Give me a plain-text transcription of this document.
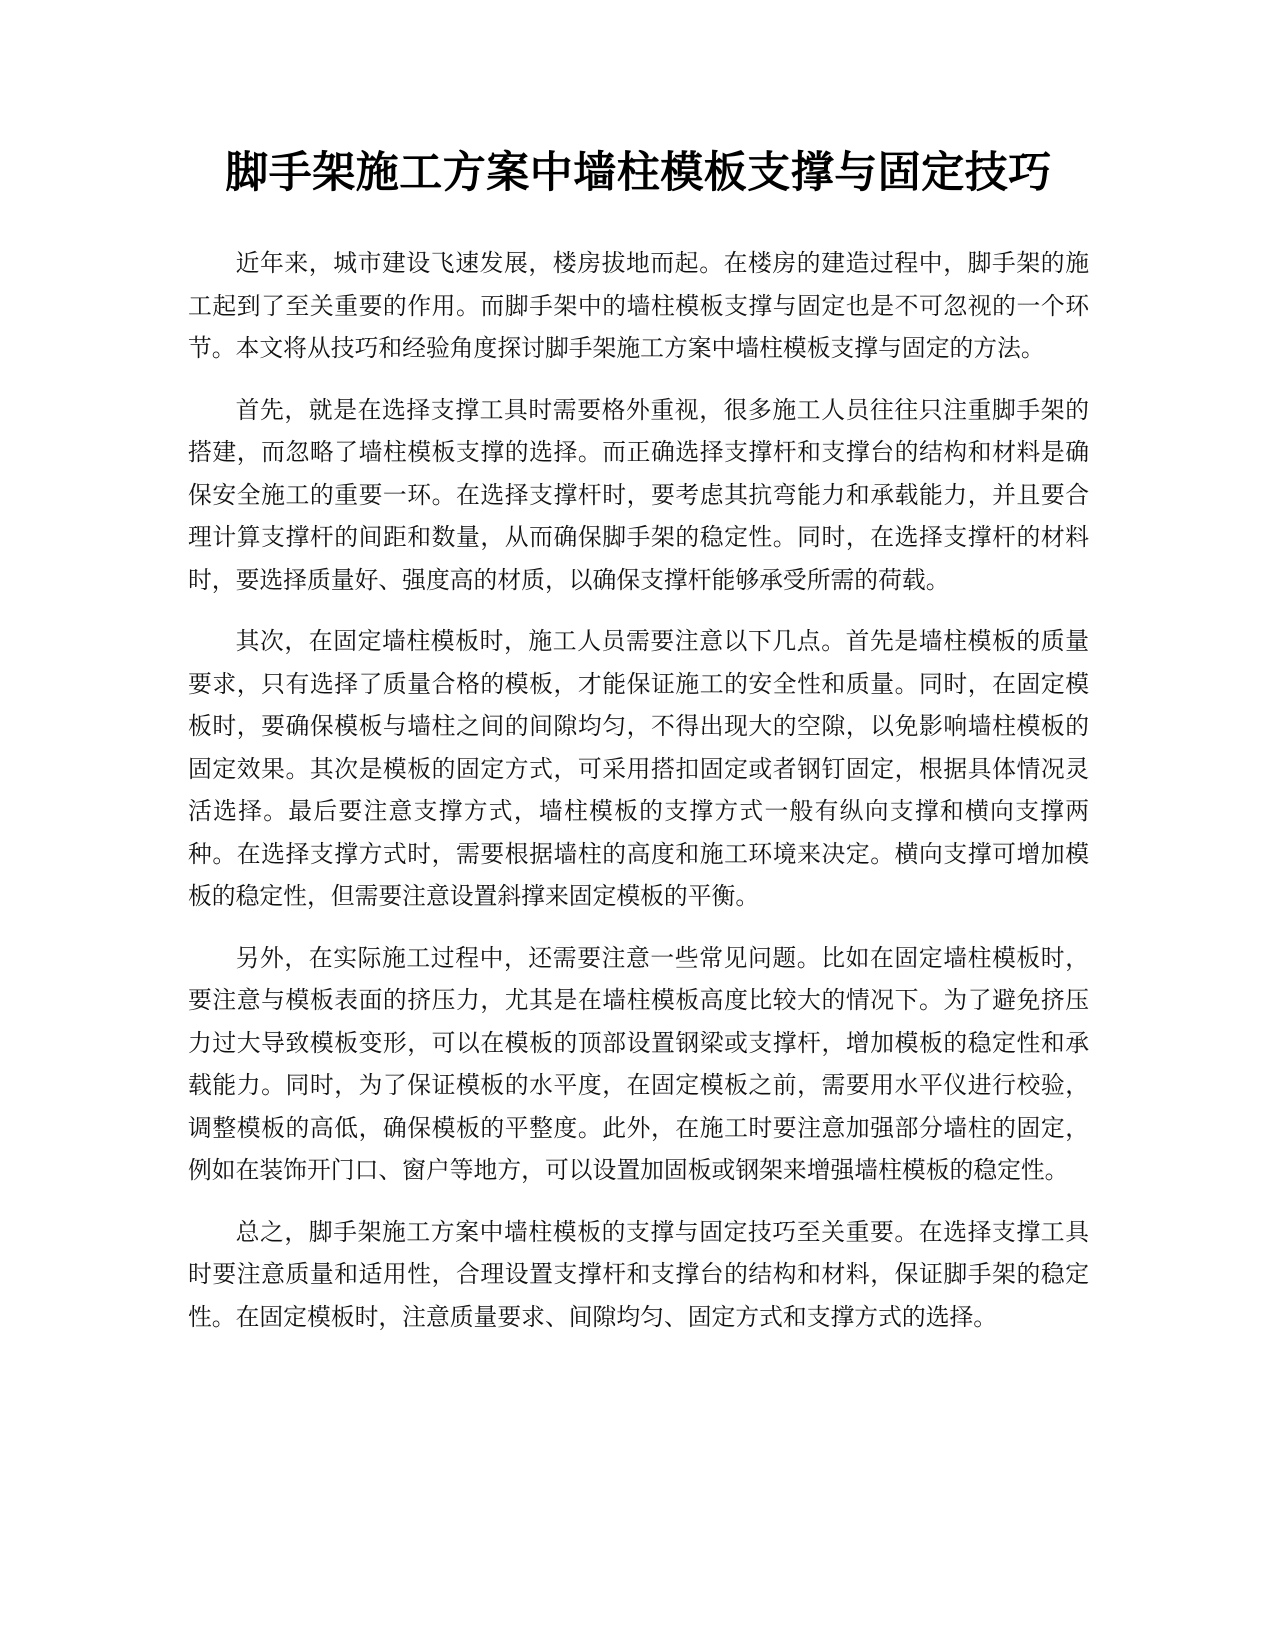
脚手架施工方案中墙柱模板支撑与固定技巧

近年来，城市建设飞速发展，楼房拔地而起。在楼房的建造过程中，脚手架的施工起到了至关重要的作用。而脚手架中的墙柱模板支撑与固定也是不可忽视的一个环节。本文将从技巧和经验角度探讨脚手架施工方案中墙柱模板支撑与固定的方法。

首先，就是在选择支撑工具时需要格外重视，很多施工人员往往只注重脚手架的搭建，而忽略了墙柱模板支撑的选择。而正确选择支撑杆和支撑台的结构和材料是确保安全施工的重要一环。在选择支撑杆时，要考虑其抗弯能力和承载能力，并且要合理计算支撑杆的间距和数量，从而确保脚手架的稳定性。同时，在选择支撑杆的材料时，要选择质量好、强度高的材质，以确保支撑杆能够承受所需的荷载。

其次，在固定墙柱模板时，施工人员需要注意以下几点。首先是墙柱模板的质量要求，只有选择了质量合格的模板，才能保证施工的安全性和质量。同时，在固定模板时，要确保模板与墙柱之间的间隙均匀，不得出现大的空隙，以免影响墙柱模板的固定效果。其次是模板的固定方式，可采用搭扣固定或者钢钉固定，根据具体情况灵活选择。最后要注意支撑方式，墙柱模板的支撑方式一般有纵向支撑和横向支撑两种。在选择支撑方式时，需要根据墙柱的高度和施工环境来决定。横向支撑可增加模板的稳定性，但需要注意设置斜撑来固定模板的平衡。

另外，在实际施工过程中，还需要注意一些常见问题。比如在固定墙柱模板时，要注意与模板表面的挤压力，尤其是在墙柱模板高度比较大的情况下。为了避免挤压力过大导致模板变形，可以在模板的顶部设置钢梁或支撑杆，增加模板的稳定性和承载能力。同时，为了保证模板的水平度，在固定模板之前，需要用水平仪进行校验，调整模板的高低，确保模板的平整度。此外，在施工时要注意加强部分墙柱的固定，例如在装饰开门口、窗户等地方，可以设置加固板或钢架来增强墙柱模板的稳定性。

总之，脚手架施工方案中墙柱模板的支撑与固定技巧至关重要。在选择支撑工具时要注意质量和适用性，合理设置支撑杆和支撑台的结构和材料，保证脚手架的稳定性。在固定模板时，注意质量要求、间隙均匀、固定方式和支撑方式的选择。
